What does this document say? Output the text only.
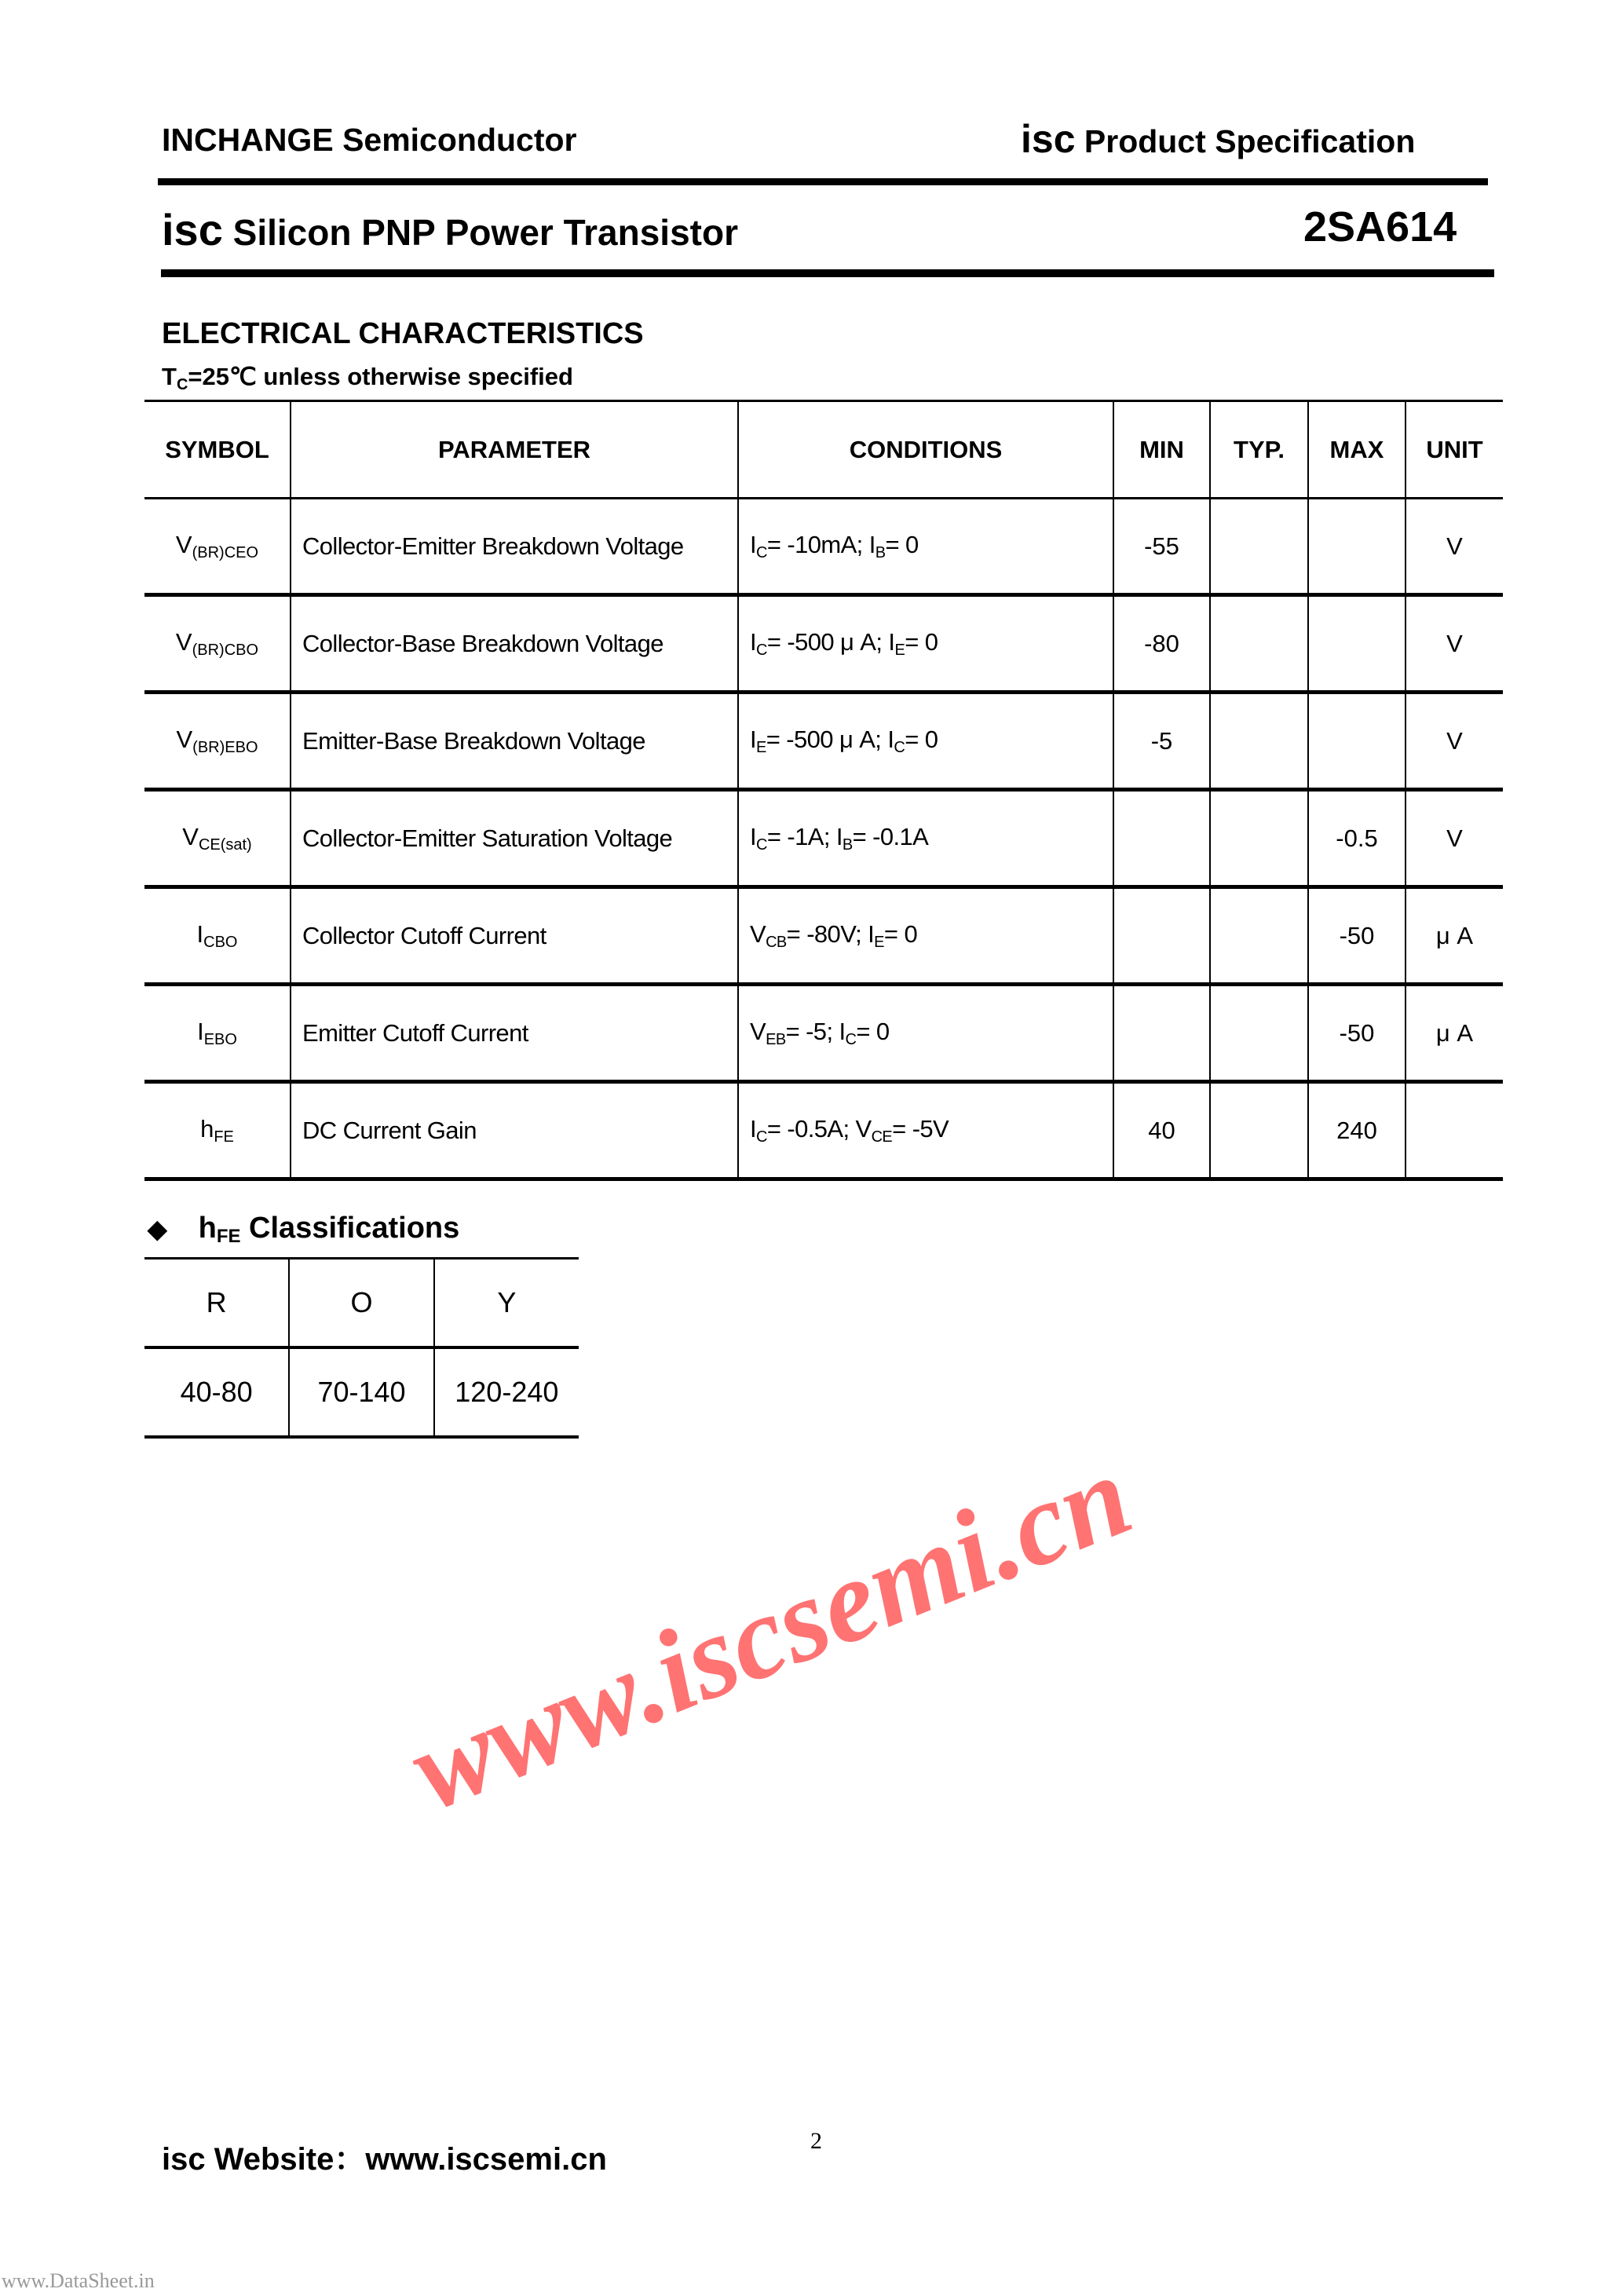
INCHANGE Semiconductor	isc Product Specification
isc Silicon PNP Power Transistor	2SA614
ELECTRICAL CHARACTERISTICS
$T_C=25℃$ unless otherwise specified
SYMBOL	PARAMETER	CONDITIONS	MIN	TYP.	MAX	UNIT
$V_{(BR)CEO}$	Collector-Emitter Breakdown Voltage	$I_C= -10mA$; $I_B= 0$	-55			V
$V_{(BR)CBO}$	Collector-Base Breakdown Voltage	$I_C= -500$ μ A; $I_E= 0$	-80			V
$V_{(BR)EBO}$	Emitter-Base Breakdown Voltage	$I_E= -500$ μ A; $I_C= 0$	-5			V
$V_{CE(sat)}$	Collector-Emitter Saturation Voltage	$I_C= -1A$; $I_B= -0.1A$			-0.5	V
$I_{CBO}$	Collector Cutoff Current	$V_{CB}= -80V$; $I_E= 0$			-50	μ A
$I_{EBO}$	Emitter Cutoff Current	$V_{EB}= -5$; $I_C= 0$			-50	μ A
$h_{FE}$	DC Current Gain	$I_C= -0.5A$; $V_{CE}= -5V$	40		240	
◆ $h_{FE}$ Classifications
R	O	Y
40-80	70-140	120-240
www.iscsemi.cn
isc Website：www.iscsemi.cn
2
www.DataSheet.in
